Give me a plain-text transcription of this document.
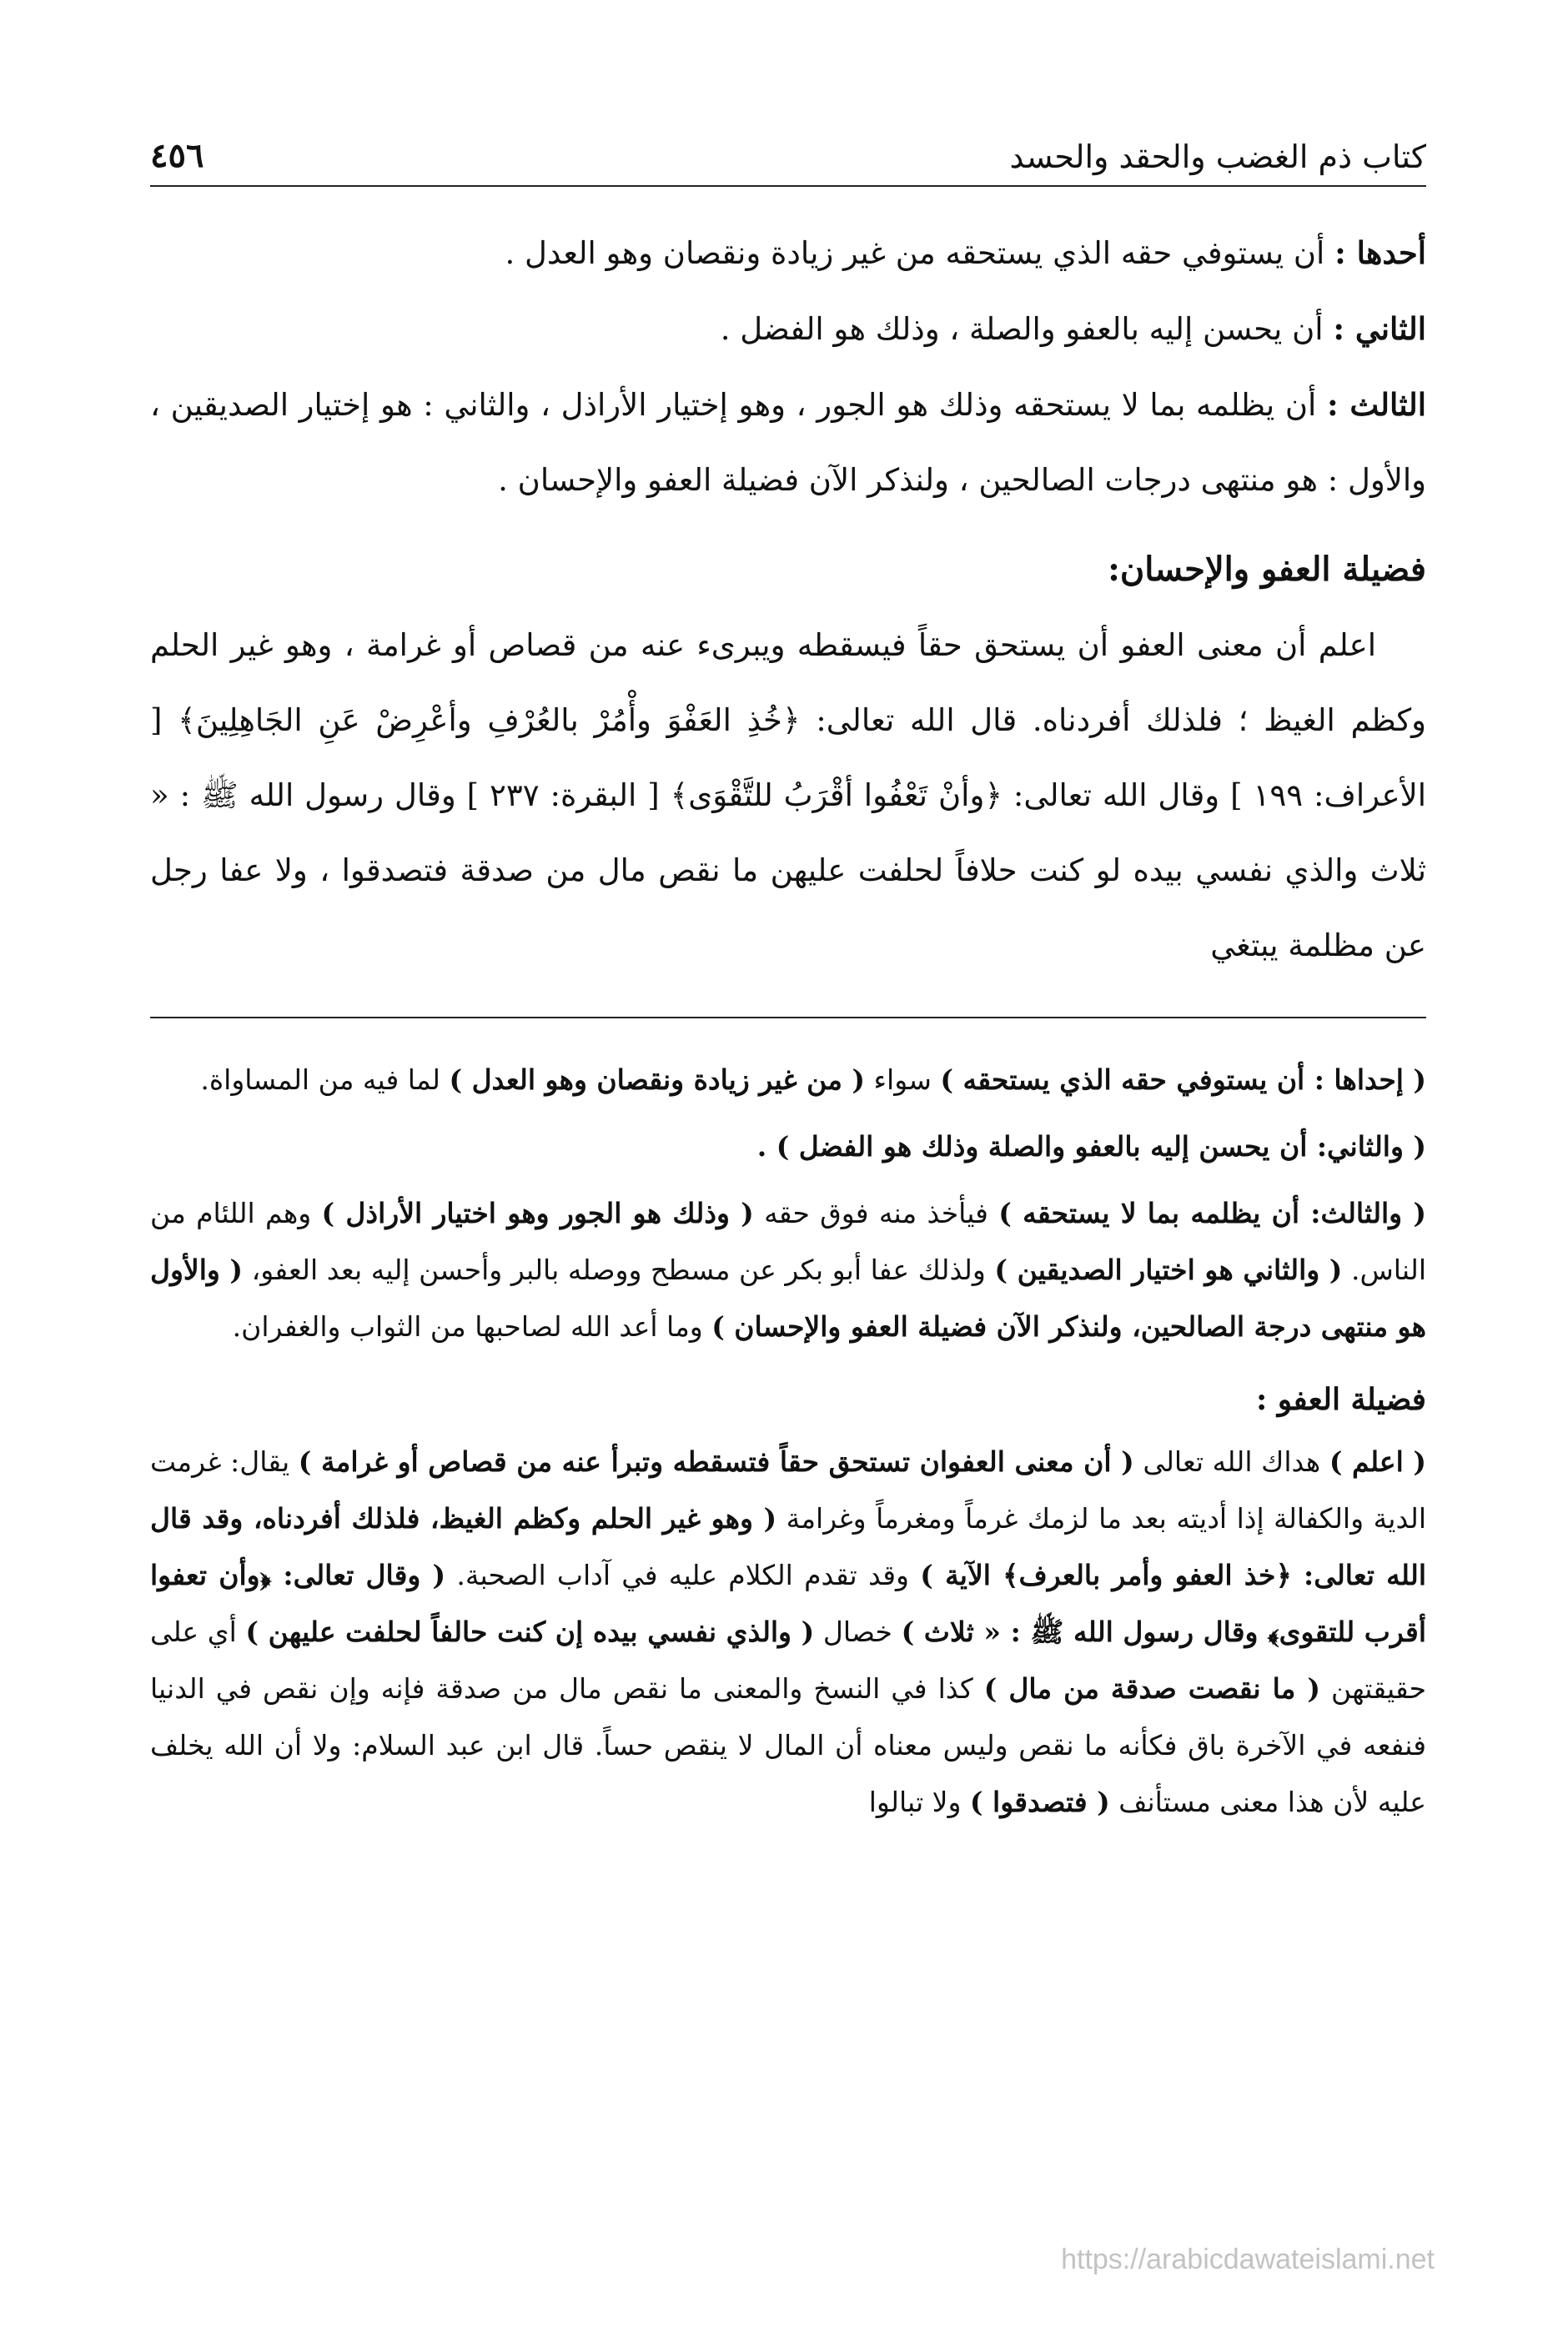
كتاب ذم الغضب والحقد والحسد
٤٥٦

أحدها : أن يستوفي حقه الذي يستحقه من غير زيادة ونقصان وهو العدل .

الثاني : أن يحسن إليه بالعفو والصلة ، وذلك هو الفضل .

الثالث : أن يظلمه بما لا يستحقه وذلك هو الجور ، وهو إختيار الأراذل ، والثاني : هو إختيار الصديقين ، والأول : هو منتهى درجات الصالحين ، ولنذكر الآن فضيلة العفو والإحسان .

فضيلة العفو والإحسان:

اعلم أن معنى العفو أن يستحق حقاً فيسقطه ويبرىء عنه من قصاص أو غرامة ، وهو غير الحلم وكظم الغيظ ؛ فلذلك أفردناه. قال الله تعالى: ﴿خُذِ العَفْوَ وأْمُرْ بالعُرْفِ وأعْرِضْ عَنِ الجَاهِلِينَ﴾ [ الأعراف: ١٩٩ ] وقال الله تعالى: ﴿وأنْ تَعْفُوا أقْرَبُ للتَّقْوَى﴾ [ البقرة: ٢٣٧ ] وقال رسول الله ﷺ : « ثلاث والذي نفسي بيده لو كنت حلافاً لحلفت عليهن ما نقص مال من صدقة فتصدقوا ، ولا عفا رجل عن مظلمة يبتغي

( إحداها : أن يستوفي حقه الذي يستحقه ) سواء ( من غير زيادة ونقصان وهو العدل ) لما فيه من المساواة.

( والثاني: أن يحسن إليه بالعفو والصلة وذلك هو الفضل ) .

( والثالث: أن يظلمه بما لا يستحقه ) فيأخذ منه فوق حقه ( وذلك هو الجور وهو اختيار الأراذل ) وهم اللئام من الناس. ( والثاني هو اختيار الصديقين ) ولذلك عفا أبو بكر عن مسطح ووصله بالبر وأحسن إليه بعد العفو، ( والأول هو منتهى درجة الصالحين، ولنذكر الآن فضيلة العفو والإحسان ) وما أعد الله لصاحبها من الثواب والغفران.

فضيلة العفو :

( اعلم ) هداك الله تعالى ( أن معنى العفوان تستحق حقاً فتسقطه وتبرأ عنه من قصاص أو غرامة ) يقال: غرمت الدية والكفالة إذا أديته بعد ما لزمك غرماً ومغرماً وغرامة ( وهو غير الحلم وكظم الغيظ، فلذلك أفردناه، وقد قال الله تعالى: ﴿خذ العفو وأمر بالعرف﴾ الآية ) وقد تقدم الكلام عليه في آداب الصحبة. ( وقال تعالى: ﴿وأن تعفوا أقرب للتقوى﴾ وقال رسول الله ﷺ : « ثلاث ) خصال ( والذي نفسي بيده إن كنت حالفاً لحلفت عليهن ) أي على حقيقتهن ( ما نقصت صدقة من مال ) كذا في النسخ والمعنى ما نقص مال من صدقة فإنه وإن نقص في الدنيا فنفعه في الآخرة باق فكأنه ما نقص وليس معناه أن المال لا ينقص حساً. قال ابن عبد السلام: ولا أن الله يخلف عليه لأن هذا معنى مستأنف ( فتصدقوا ) ولا تبالوا

https://arabicdawateislami.net
